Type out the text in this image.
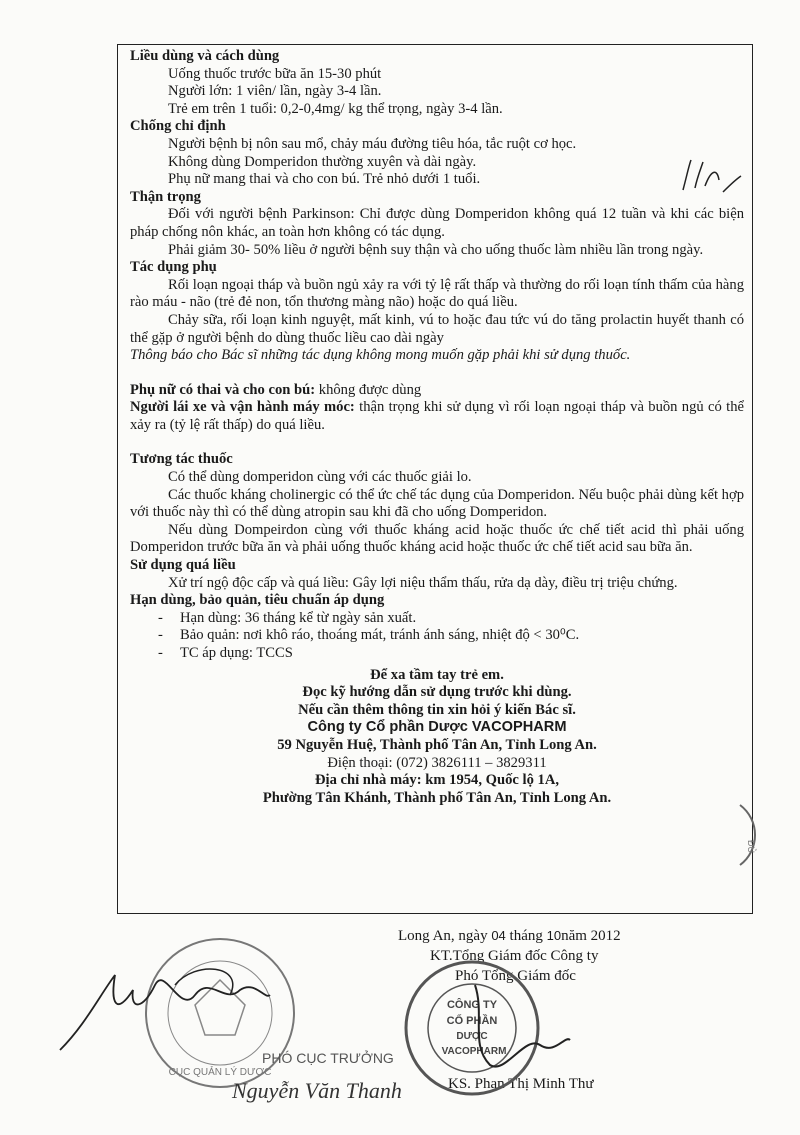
Liều dùng và cách dùng
Uống thuốc trước bữa ăn 15-30 phút
Người lớn: 1 viên/ lần, ngày 3-4 lần.
Trẻ em trên 1 tuổi: 0,2-0,4mg/ kg thể trọng, ngày 3-4 lần.
Chống chỉ định
Người bệnh bị nôn sau mổ, chảy máu đường tiêu hóa, tắc ruột cơ học.
Không dùng Domperidon thường xuyên và dài ngày.
Phụ nữ mang thai và cho con bú. Trẻ nhỏ dưới 1 tuổi.
Thận trọng
Đối với người bệnh Parkinson: Chỉ được dùng Domperidon không quá 12 tuần và khi các biện pháp chống nôn khác, an toàn hơn không có tác dụng.
Phải giảm 30- 50% liều ở người bệnh suy thận và cho uống thuốc làm nhiều lần trong ngày.
Tác dụng phụ
Rối loạn ngoại tháp và buồn ngủ xảy ra với tỷ lệ rất thấp và thường do rối loạn tính thấm của hàng rào máu - não (trẻ đẻ non, tổn thương màng não) hoặc do quá liều.
Chảy sữa, rối loạn kinh nguyệt, mất kinh, vú to hoặc đau tức vú do tăng prolactin huyết thanh có thể gặp ở người bệnh do dùng thuốc liều cao dài ngày
Thông báo cho Bác sĩ những tác dụng không mong muốn gặp phải khi sử dụng thuốc.
Phụ nữ có thai và cho con bú: không được dùng
Người lái xe và vận hành máy móc: thận trọng khi sử dụng vì rối loạn ngoại tháp và buồn ngủ có thể xảy ra (tỷ lệ rất thấp) do quá liều.
Tương tác thuốc
Có thể dùng domperidon cùng với các thuốc giải lo.
Các thuốc kháng cholinergic có thể ức chế tác dụng của Domperidon. Nếu buộc phải dùng kết hợp với thuốc này thì có thể dùng atropin sau khi đã cho uống Domperidon.
Nếu dùng Dompeirdon cùng với thuốc kháng acid hoặc thuốc ức chế tiết acid thì phải uống Domperidon trước bữa ăn và phải uống thuốc kháng acid hoặc thuốc ức chế tiết acid sau bữa ăn.
Sử dụng quá liều
Xử trí ngộ độc cấp và quá liều: Gây lợi niệu thẩm thấu, rửa dạ dày, điều trị triệu chứng.
Hạn dùng, bảo quản, tiêu chuẩn áp dụng
- Hạn dùng: 36 tháng kể từ ngày sản xuất.
- Bảo quản: nơi khô ráo, thoáng mát, tránh ánh sáng, nhiệt độ < 30⁰C.
- TC áp dụng: TCCS
Để xa tầm tay trẻ em.
Đọc kỹ hướng dẫn sử dụng trước khi dùng.
Nếu cần thêm thông tin xin hỏi ý kiến Bác sĩ.
Công ty Cổ phần Dược VACOPHARM
59 Nguyễn Huệ, Thành phố Tân An, Tỉnh Long An.
Điện thoại: (072) 3826111 – 3829311
Địa chỉ nhà máy: km 1954, Quốc lộ 1A,
Phường Tân Khánh, Thành phố Tân An, Tỉnh Long An.
Long An, ngày 04 tháng 10năm 2012
KT.Tổng Giám đốc Công ty
Phó Tổng Giám đốc
KS. Phan Thị Minh Thư
CÔNG TY
CỔ PHẦN
DƯỢC
VACOPHARM
CỤC QUẢN LÝ DƯỢC
ĐỦ
PHÓ CỤC TRƯỞNG
Nguyễn Văn Thanh
